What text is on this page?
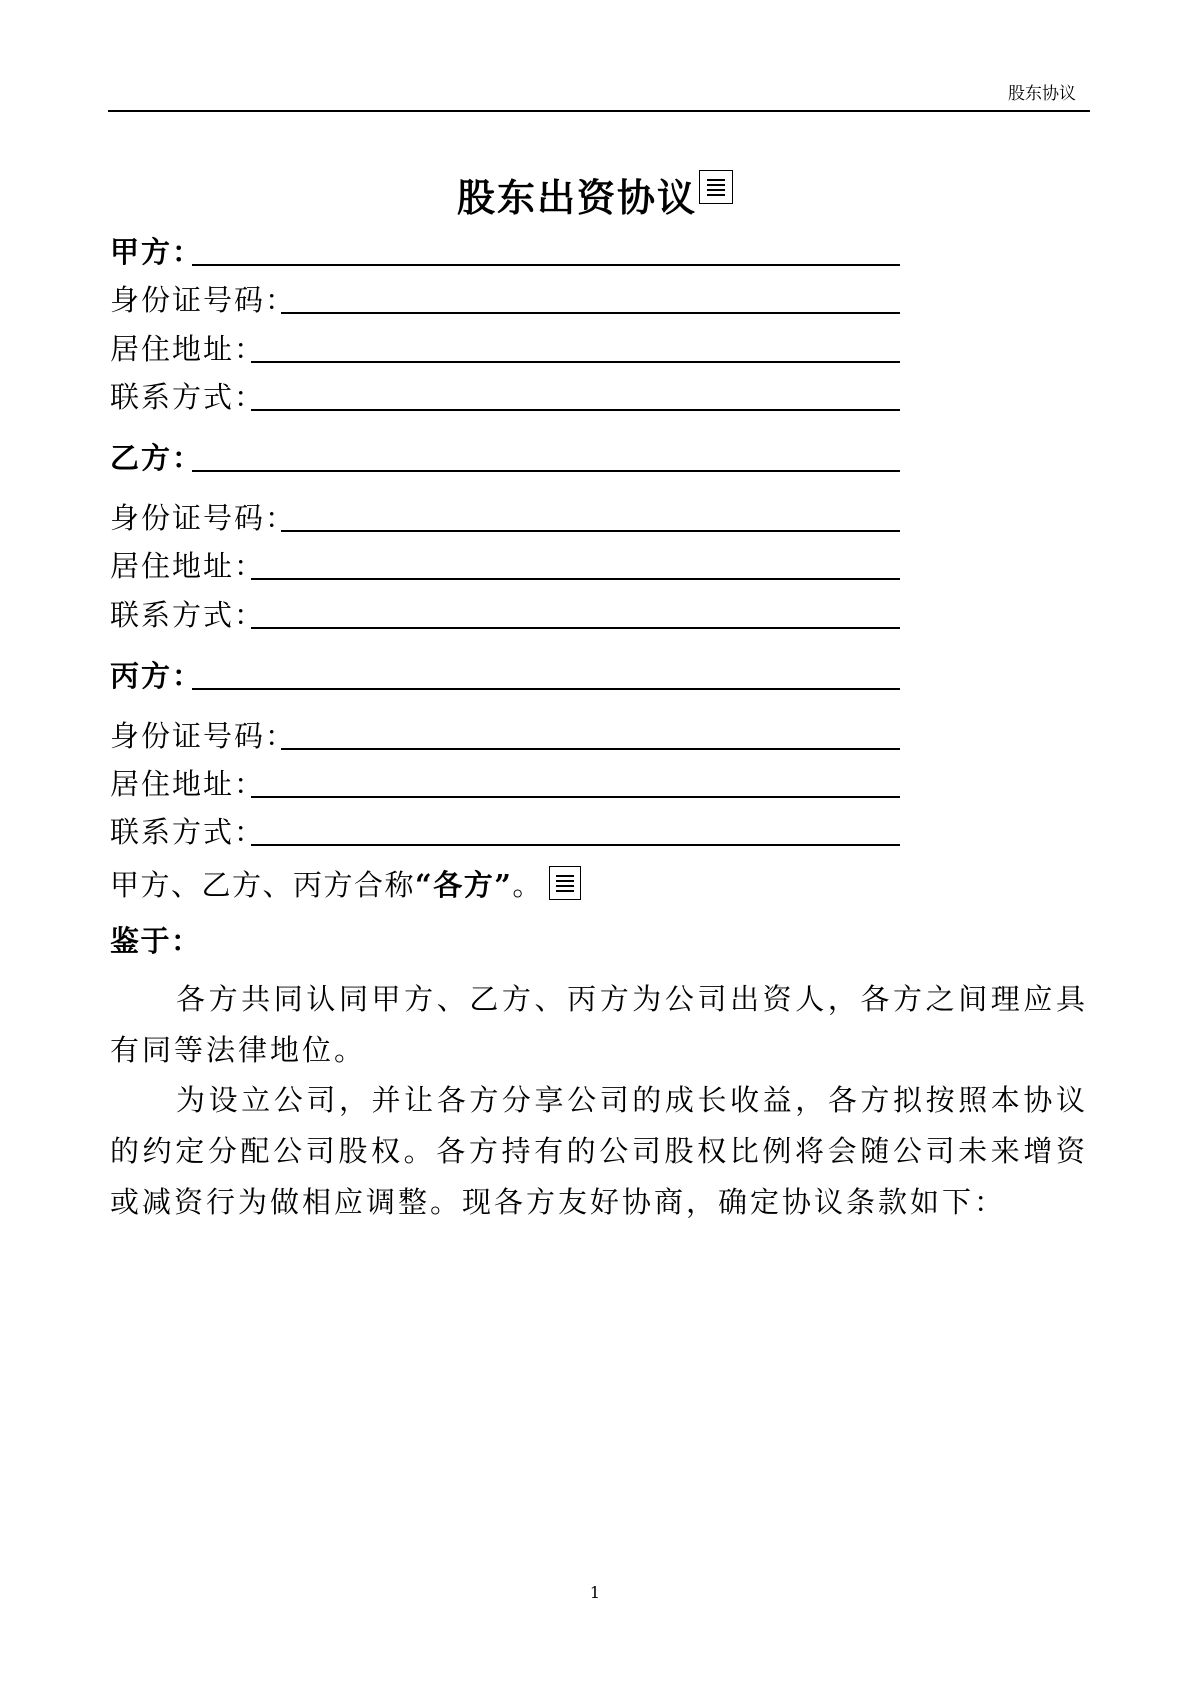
股东协议
股东出资协议
甲方：
身份证号码：
居住地址：
联系方式：
乙方：
身份证号码：
居住地址：
联系方式：
丙方：
身份证号码：
居住地址：
联系方式：
甲方、乙方、丙方合称“各方”。
鉴于：
各方共同认同甲方、乙方、丙方为公司出资人，各方之间理应具有同等法律地位。
为设立公司，并让各方分享公司的成长收益，各方拟按照本协议的约定分配公司股权。各方持有的公司股权比例将会随公司未来增资或减资行为做相应调整。现各方友好协商，确定协议条款如下：
1
